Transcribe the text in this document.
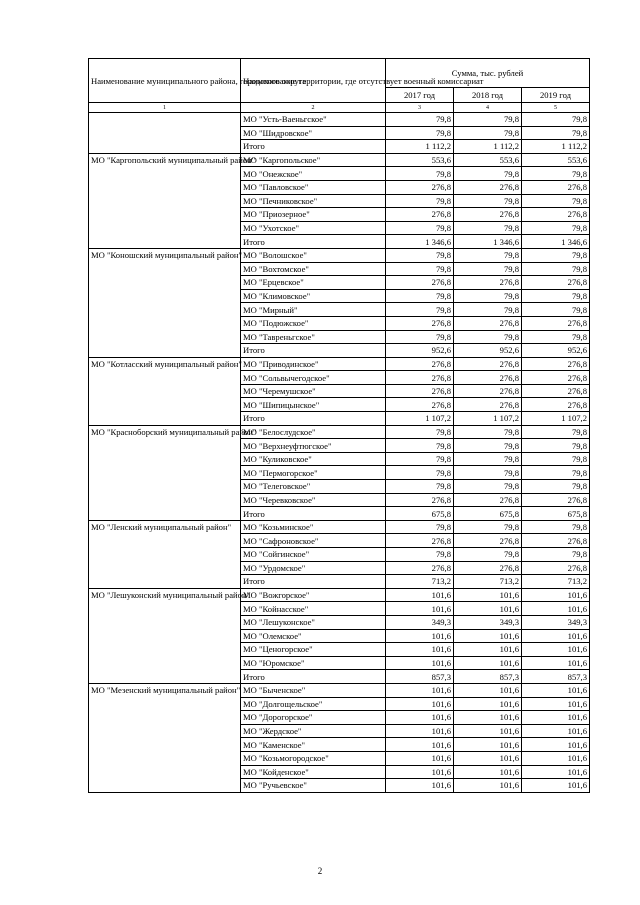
Наименование муниципального района, городского округа	Наименование территории, где отсутствует военный комиссариат	Сумма, тыс. рублей		
		2017 год	2018 год	2019 год
1	2	3	4	5
	МО "Усть-Ваеньгское"	79,8	79,8	79,8
	МО "Шидровское"	79,8	79,8	79,8
	Итого	1 112,2	1 112,2	1 112,2
МО "Каргопольский муниципальный район"	МО "Каргопольское"	553,6	553,6	553,6
	МО "Онежское"	79,8	79,8	79,8
	МО "Павловское"	276,8	276,8	276,8
	МО "Печниковское"	79,8	79,8	79,8
	МО "Приозерное"	276,8	276,8	276,8
	МО "Ухотское"	79,8	79,8	79,8
	Итого	1 346,6	1 346,6	1 346,6
МО "Коношский муниципальный район"	МО "Волошское"	79,8	79,8	79,8
	МО "Вохтомское"	79,8	79,8	79,8
	МО "Ерцевское"	276,8	276,8	276,8
	МО "Климовское"	79,8	79,8	79,8
	МО "Мирный"	79,8	79,8	79,8
	МО "Подюжское"	276,8	276,8	276,8
	МО "Тавреньгское"	79,8	79,8	79,8
	Итого	952,6	952,6	952,6
МО "Котласский муниципальный район"	МО "Приводинское"	276,8	276,8	276,8
	МО "Сольвычегодское"	276,8	276,8	276,8
	МО "Черемушское"	276,8	276,8	276,8
	МО "Шипицынское"	276,8	276,8	276,8
	Итого	1 107,2	1 107,2	1 107,2
МО "Красноборский муниципальный район"	МО "Белослудское"	79,8	79,8	79,8
	МО "Верхнеуфтюгское"	79,8	79,8	79,8
	МО "Куликовское"	79,8	79,8	79,8
	МО "Пермогорское"	79,8	79,8	79,8
	МО "Телеговское"	79,8	79,8	79,8
	МО "Черевковское"	276,8	276,8	276,8
	Итого	675,8	675,8	675,8
МО "Ленский муниципальный район"	МО "Козьминское"	79,8	79,8	79,8
	МО "Сафроновское"	276,8	276,8	276,8
	МО "Сойгинское"	79,8	79,8	79,8
	МО "Урдомское"	276,8	276,8	276,8
	Итого	713,2	713,2	713,2
МО "Лешуконский муниципальный район"	МО "Вожгорское"	101,6	101,6	101,6
	МО "Койнасское"	101,6	101,6	101,6
	МО "Лешуконское"	349,3	349,3	349,3
	МО "Олемское"	101,6	101,6	101,6
	МО "Ценогорское"	101,6	101,6	101,6
	МО "Юромское"	101,6	101,6	101,6
	Итого	857,3	857,3	857,3
МО "Мезенский муниципальный район"	МО "Быченское"	101,6	101,6	101,6
	МО "Долгощельское"	101,6	101,6	101,6
	МО "Дорогорское"	101,6	101,6	101,6
	МО "Жердское"	101,6	101,6	101,6
	МО "Каменское"	101,6	101,6	101,6
	МО "Козьмогородское"	101,6	101,6	101,6
	МО "Койденское"	101,6	101,6	101,6
	МО "Ручьевское"	101,6	101,6	101,6
2
